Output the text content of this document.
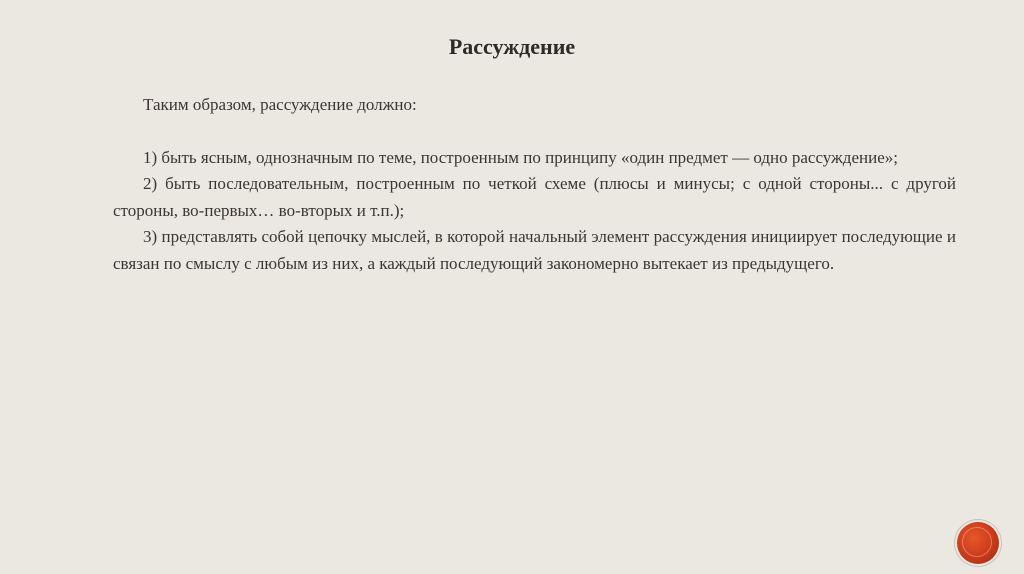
Рассуждение

Таким образом, рассуждение должно:

1) быть ясным, однозначным по теме, построенным по принципу «один предмет — одно рассуждение»;

2) быть последовательным, построенным по четкой схеме (плюсы и минусы; с одной стороны... с другой стороны, во-первых… во-вторых и т.п.);

3) представлять собой цепочку мыслей, в которой начальный элемент рассуждения инициирует последующие и связан по смыслу с любым из них, а каждый последующий закономерно вытекает из предыдущего.
